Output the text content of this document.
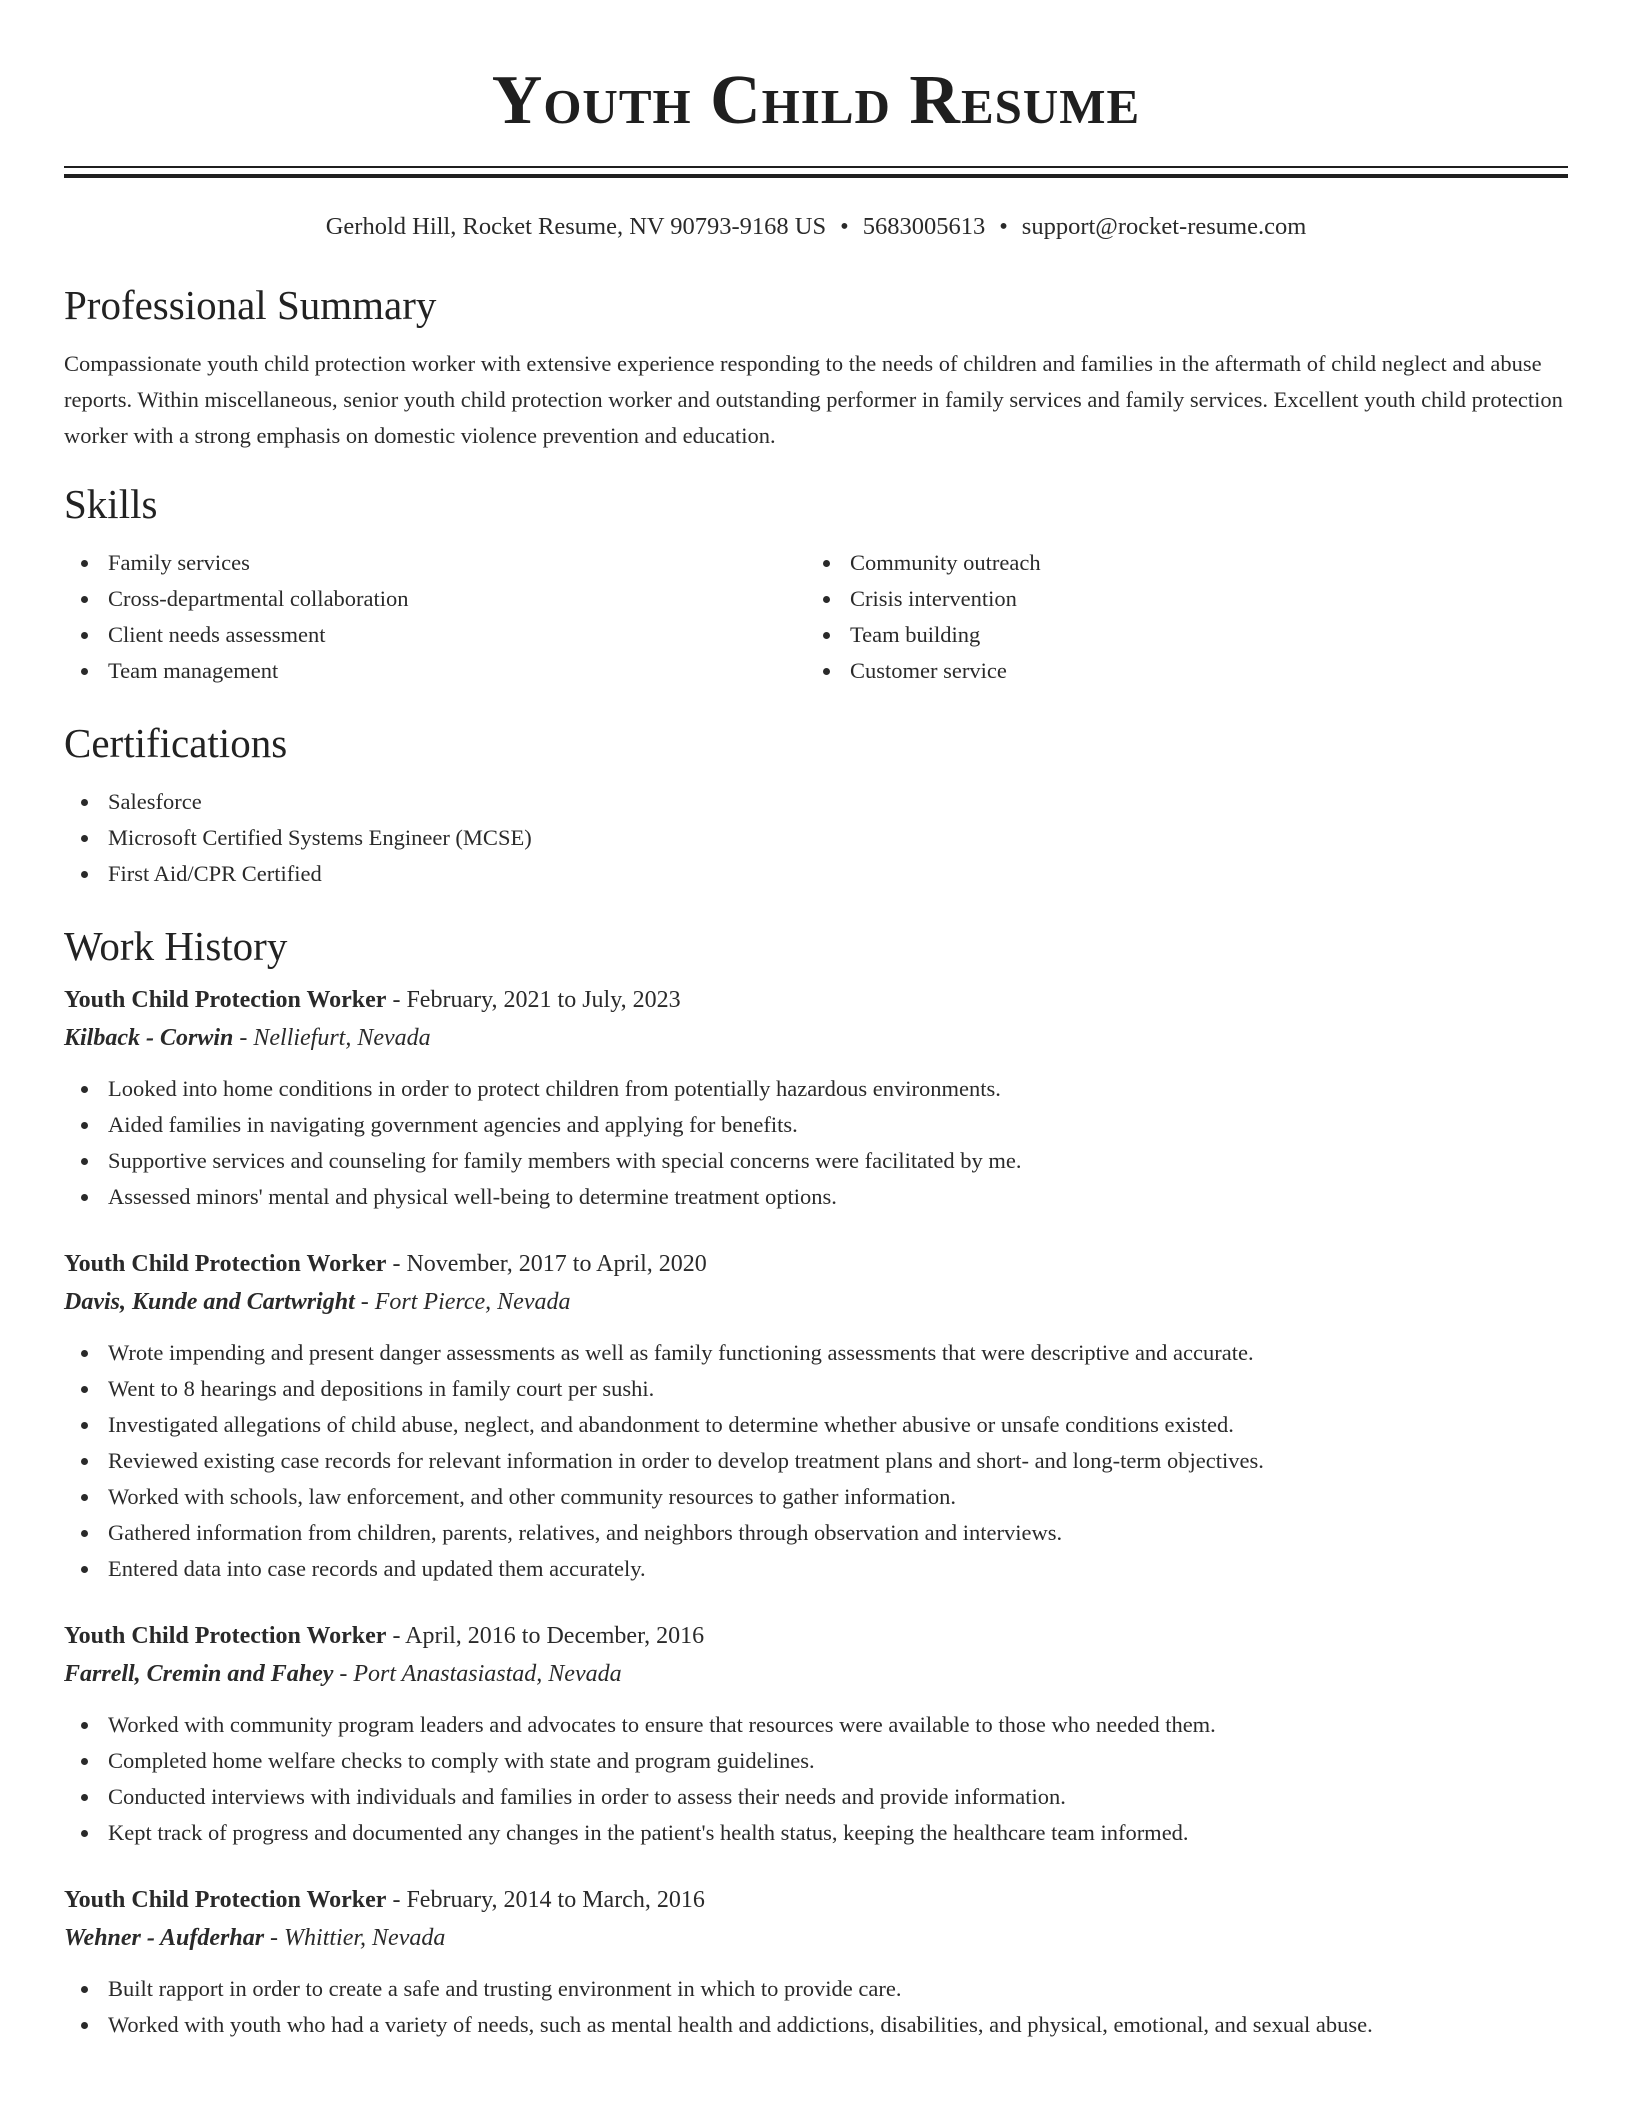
Youth Child Resume
Gerhold Hill, Rocket Resume, NV 90793-9168 US • 5683005613 • support@rocket-resume.com
Professional Summary

Compassionate youth child protection worker with extensive experience responding to the needs of children and families in the aftermath of child neglect and abuse reports. Within miscellaneous, senior youth child protection worker and outstanding performer in family services and family services. Excellent youth child protection worker with a strong emphasis on domestic violence prevention and education.

Skills
Family services
Cross-departmental collaboration
Client needs assessment
Team management
Community outreach
Crisis intervention
Team building
Customer service
Certifications
Salesforce
Microsoft Certified Systems Engineer (MCSE)
First Aid/CPR Certified
Work History
Youth Child Protection Worker - February, 2021 to July, 2023
Kilback - Corwin - Nelliefurt, Nevada
Looked into home conditions in order to protect children from potentially hazardous environments.
Aided families in navigating government agencies and applying for benefits.
Supportive services and counseling for family members with special concerns were facilitated by me.
Assessed minors' mental and physical well-being to determine treatment options.
Youth Child Protection Worker - November, 2017 to April, 2020
Davis, Kunde and Cartwright - Fort Pierce, Nevada
Wrote impending and present danger assessments as well as family functioning assessments that were descriptive and accurate.
Went to 8 hearings and depositions in family court per sushi.
Investigated allegations of child abuse, neglect, and abandonment to determine whether abusive or unsafe conditions existed.
Reviewed existing case records for relevant information in order to develop treatment plans and short- and long-term objectives.
Worked with schools, law enforcement, and other community resources to gather information.
Gathered information from children, parents, relatives, and neighbors through observation and interviews.
Entered data into case records and updated them accurately.
Youth Child Protection Worker - April, 2016 to December, 2016
Farrell, Cremin and Fahey - Port Anastasiastad, Nevada
Worked with community program leaders and advocates to ensure that resources were available to those who needed them.
Completed home welfare checks to comply with state and program guidelines.
Conducted interviews with individuals and families in order to assess their needs and provide information.
Kept track of progress and documented any changes in the patient's health status, keeping the healthcare team informed.
Youth Child Protection Worker - February, 2014 to March, 2016
Wehner - Aufderhar - Whittier, Nevada
Built rapport in order to create a safe and trusting environment in which to provide care.
Worked with youth who had a variety of needs, such as mental health and addictions, disabilities, and physical, emotional, and sexual abuse.
